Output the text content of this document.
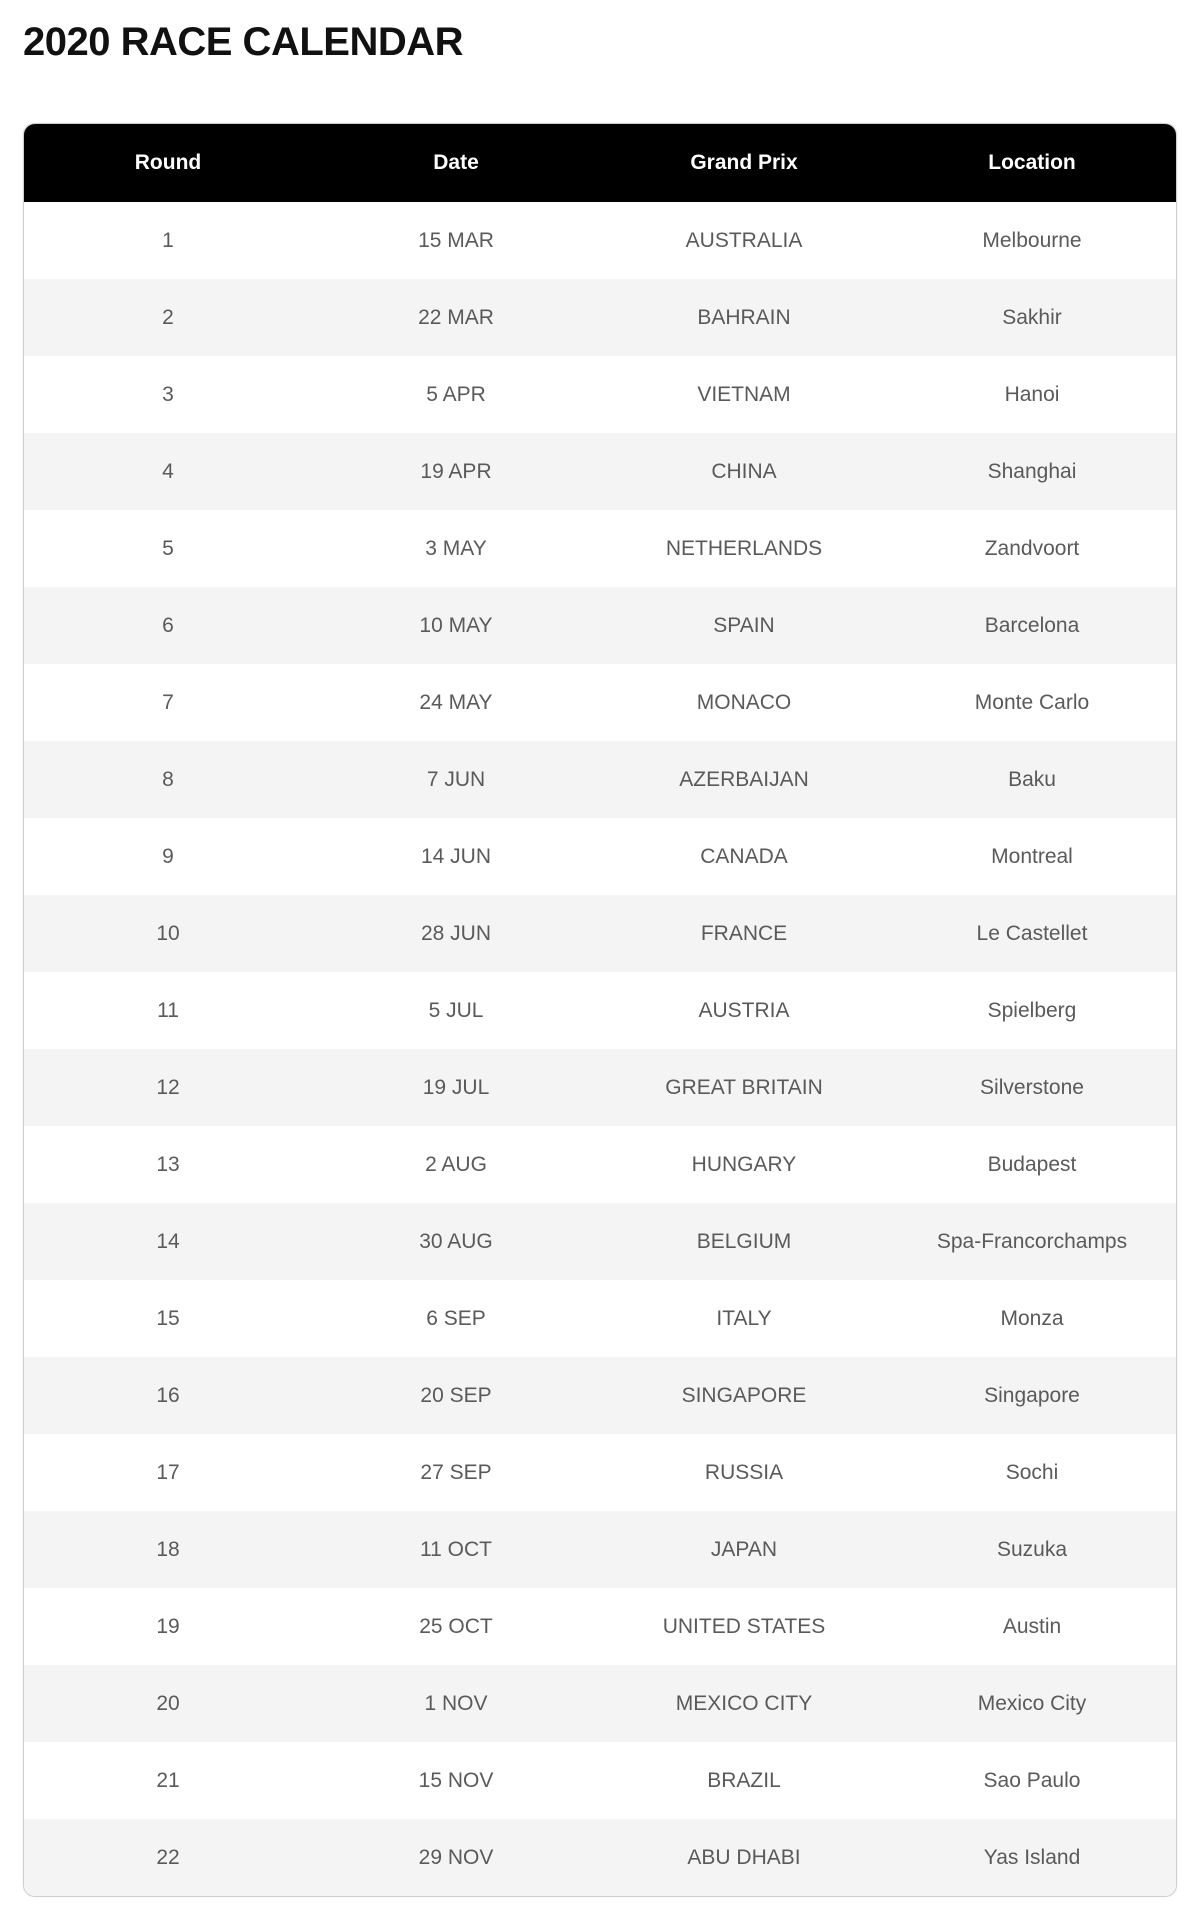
2020 RACE CALENDAR
Round	Date	Grand Prix	Location
1	15 MAR	AUSTRALIA	Melbourne
2	22 MAR	BAHRAIN	Sakhir
3	5 APR	VIETNAM	Hanoi
4	19 APR	CHINA	Shanghai
5	3 MAY	NETHERLANDS	Zandvoort
6	10 MAY	SPAIN	Barcelona
7	24 MAY	MONACO	Monte Carlo
8	7 JUN	AZERBAIJAN	Baku
9	14 JUN	CANADA	Montreal
10	28 JUN	FRANCE	Le Castellet
11	5 JUL	AUSTRIA	Spielberg
12	19 JUL	GREAT BRITAIN	Silverstone
13	2 AUG	HUNGARY	Budapest
14	30 AUG	BELGIUM	Spa-Francorchamps
15	6 SEP	ITALY	Monza
16	20 SEP	SINGAPORE	Singapore
17	27 SEP	RUSSIA	Sochi
18	11 OCT	JAPAN	Suzuka
19	25 OCT	UNITED STATES	Austin
20	1 NOV	MEXICO CITY	Mexico City
21	15 NOV	BRAZIL	Sao Paulo
22	29 NOV	ABU DHABI	Yas Island
